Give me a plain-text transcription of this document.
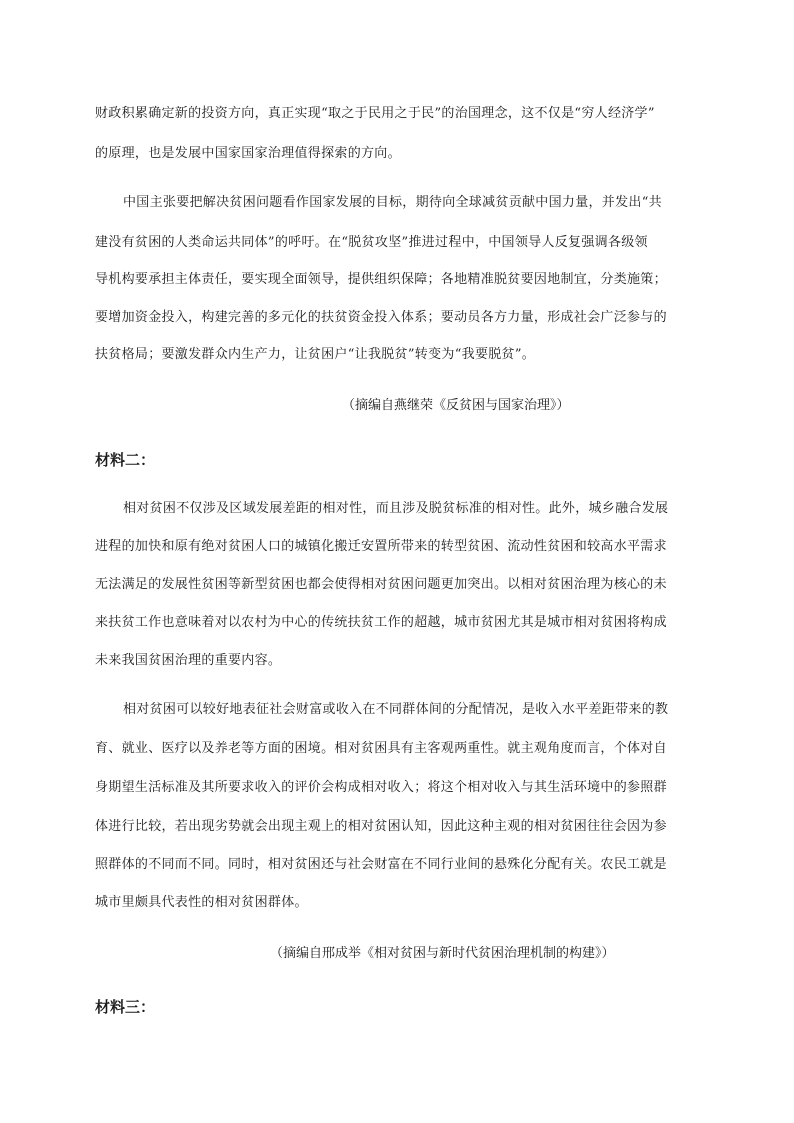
财政积累确定新的投资方向，真正实现“取之于民用之于民”的治国理念，这不仅是“穷人经济学”
的原理，也是发展中国家国家治理值得探索的方向。
中国主张要把解决贫困问题看作国家发展的目标，期待向全球减贫贡献中国力量，并发出“共
建没有贫困的人类命运共同体”的呼吁。在“脱贫攻坚”推进过程中，中国领导人反复强调各级领
导机构要承担主体责任，要实现全面领导，提供组织保障；各地精准脱贫要因地制宜，分类施策；
要增加资金投入，构建完善的多元化的扶贫资金投入体系；要动员各方力量，形成社会广泛参与的
扶贫格局；要激发群众内生产力，让贫困户“让我脱贫”转变为“我要脱贫”。
（摘编自燕继荣《反贫困与国家治理》）
材料二：
相对贫困不仅涉及区域发展差距的相对性，而且涉及脱贫标准的相对性。此外，城乡融合发展
进程的加快和原有绝对贫困人口的城镇化搬迁安置所带来的转型贫困、流动性贫困和较高水平需求
无法满足的发展性贫困等新型贫困也都会使得相对贫困问题更加突出。以相对贫困治理为核心的未
来扶贫工作也意味着对以农村为中心的传统扶贫工作的超越，城市贫困尤其是城市相对贫困将构成
未来我国贫困治理的重要内容。
相对贫困可以较好地表征社会财富或收入在不同群体间的分配情况，是收入水平差距带来的教
育、就业、医疗以及养老等方面的困境。相对贫困具有主客观两重性。就主观角度而言，个体对自
身期望生活标准及其所要求收入的评价会构成相对收入；将这个相对收入与其生活环境中的参照群
体进行比较，若出现劣势就会出现主观上的相对贫困认知，因此这种主观的相对贫困往往会因为参
照群体的不同而不同。同时，相对贫困还与社会财富在不同行业间的悬殊化分配有关。农民工就是
城市里颇具代表性的相对贫困群体。
（摘编自邢成举《相对贫困与新时代贫困治理机制的构建》）
材料三：
